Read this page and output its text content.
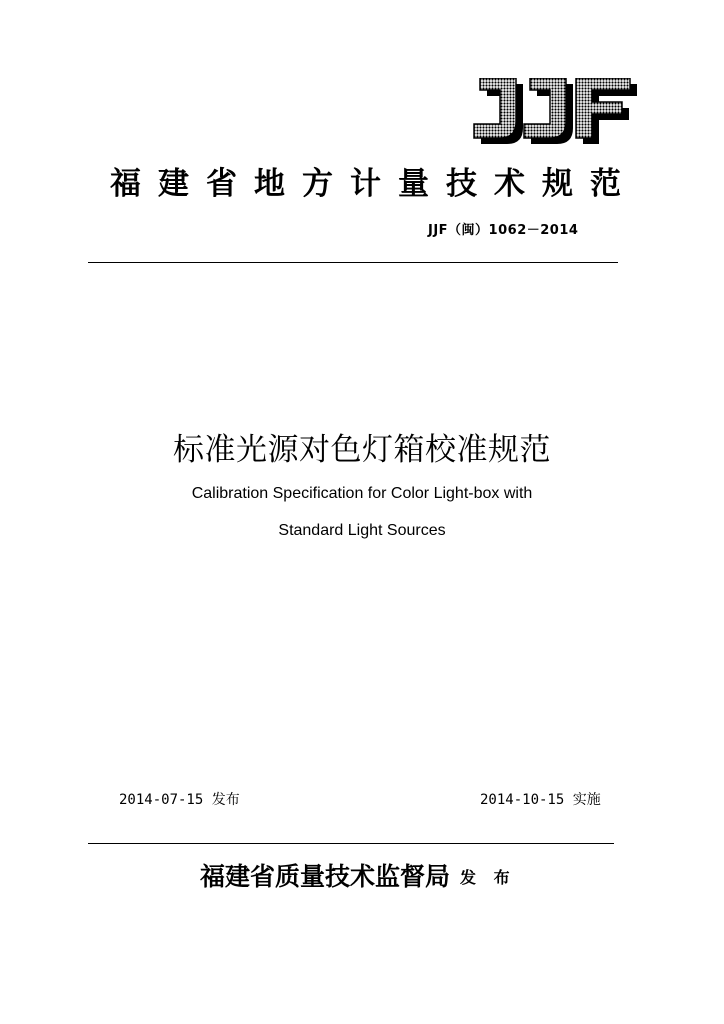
福建省地方计量技术规范
JJF（闽）1062－2014
标准光源对色灯箱校准规范
Calibration Specification for Color Light-box with
Standard Light Sources
2014-07-15 发布	2014-10-15 实施
福建省质量技术监督局 发 布
